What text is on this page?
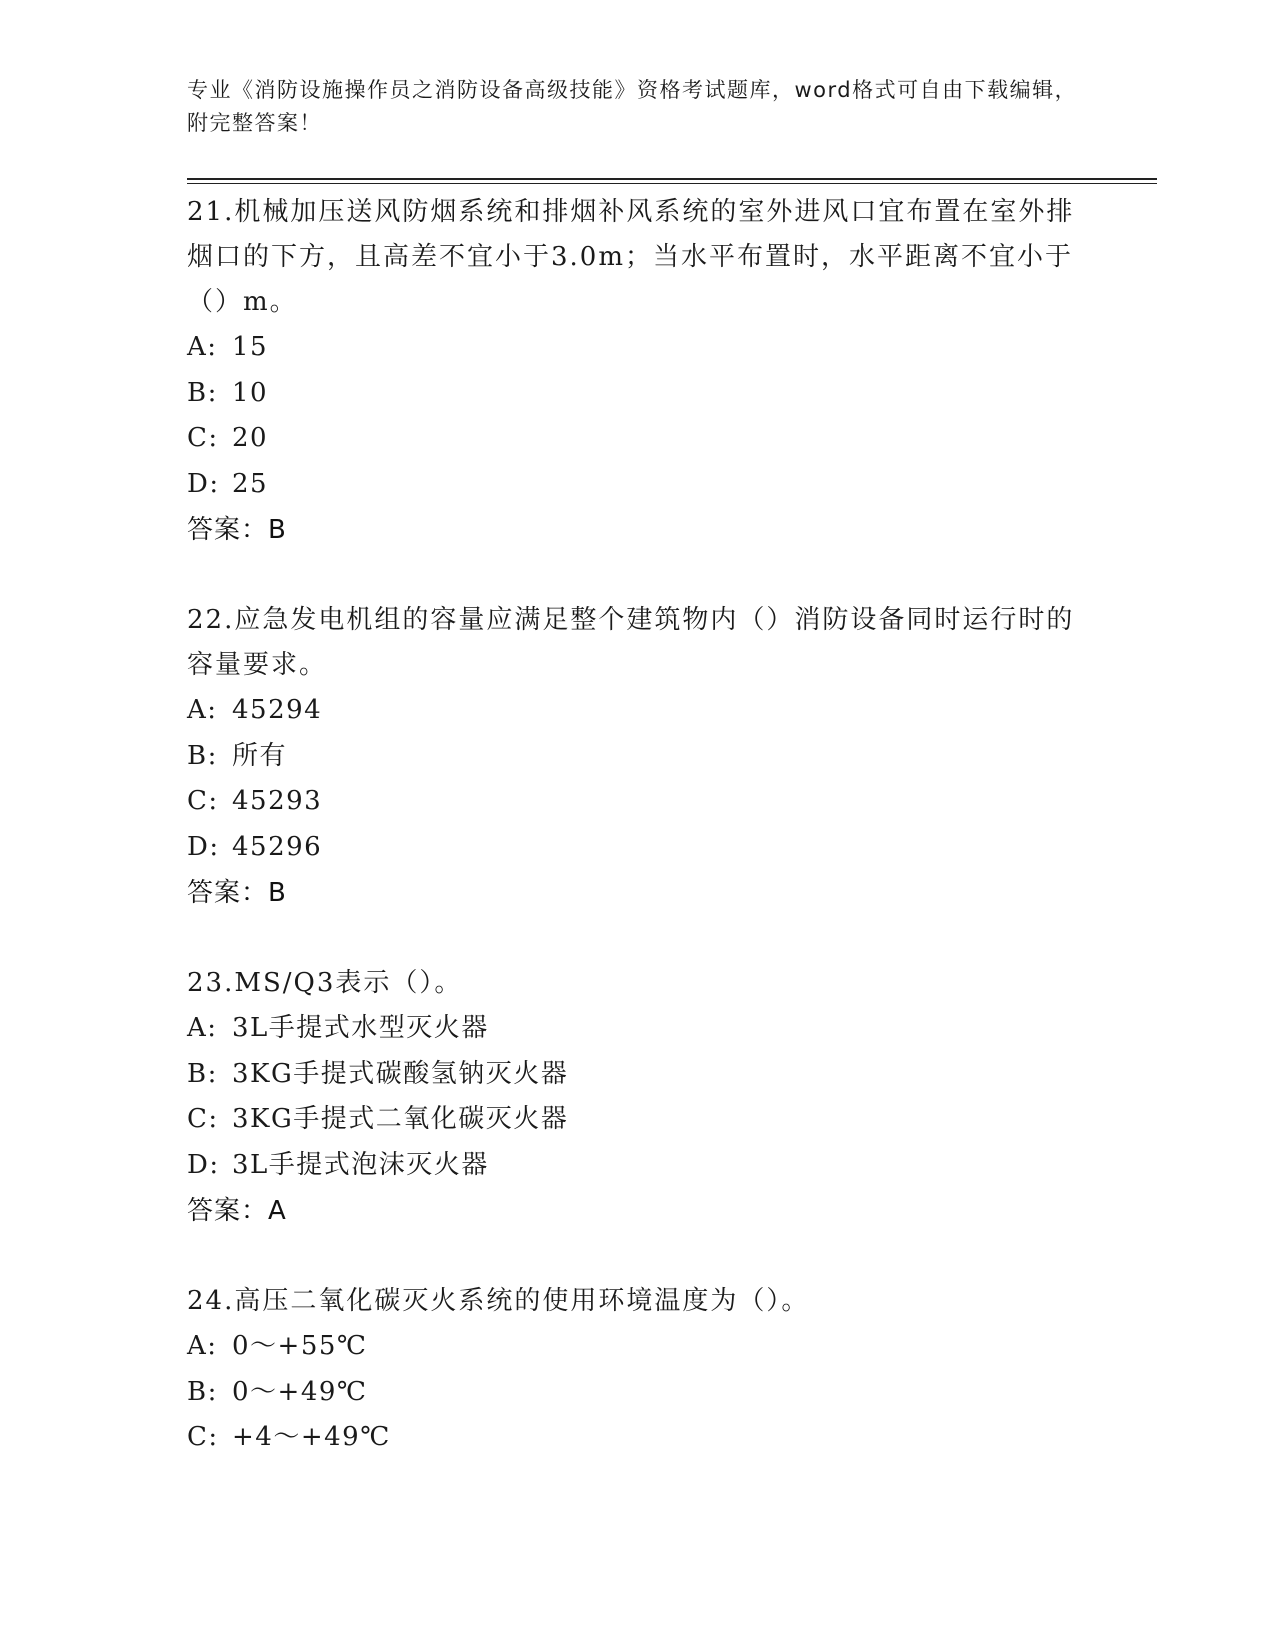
专业《消防设施操作员之消防设备高级技能》资格考试题库，word格式可自由下载编辑，附完整答案！
21.机械加压送风防烟系统和排烟补风系统的室外进风口宜布置在室外排烟口的下方，且高差不宜小于3.0m；当水平布置时，水平距离不宜小于（）m。
A: 15
B: 10
C: 20
D: 25
答案：B
22.应急发电机组的容量应满足整个建筑物内（）消防设备同时运行时的容量要求。
A: 45294
B: 所有
C: 45293
D: 45296
答案：B
23.MS/Q3表示（）。
A: 3L手提式水型灭火器
B: 3KG手提式碳酸氢钠灭火器
C: 3KG手提式二氧化碳灭火器
D: 3L手提式泡沫灭火器
答案：A
24.高压二氧化碳灭火系统的使用环境温度为（）。
A: 0～+55℃
B: 0～+49℃
C: +4～+49℃
